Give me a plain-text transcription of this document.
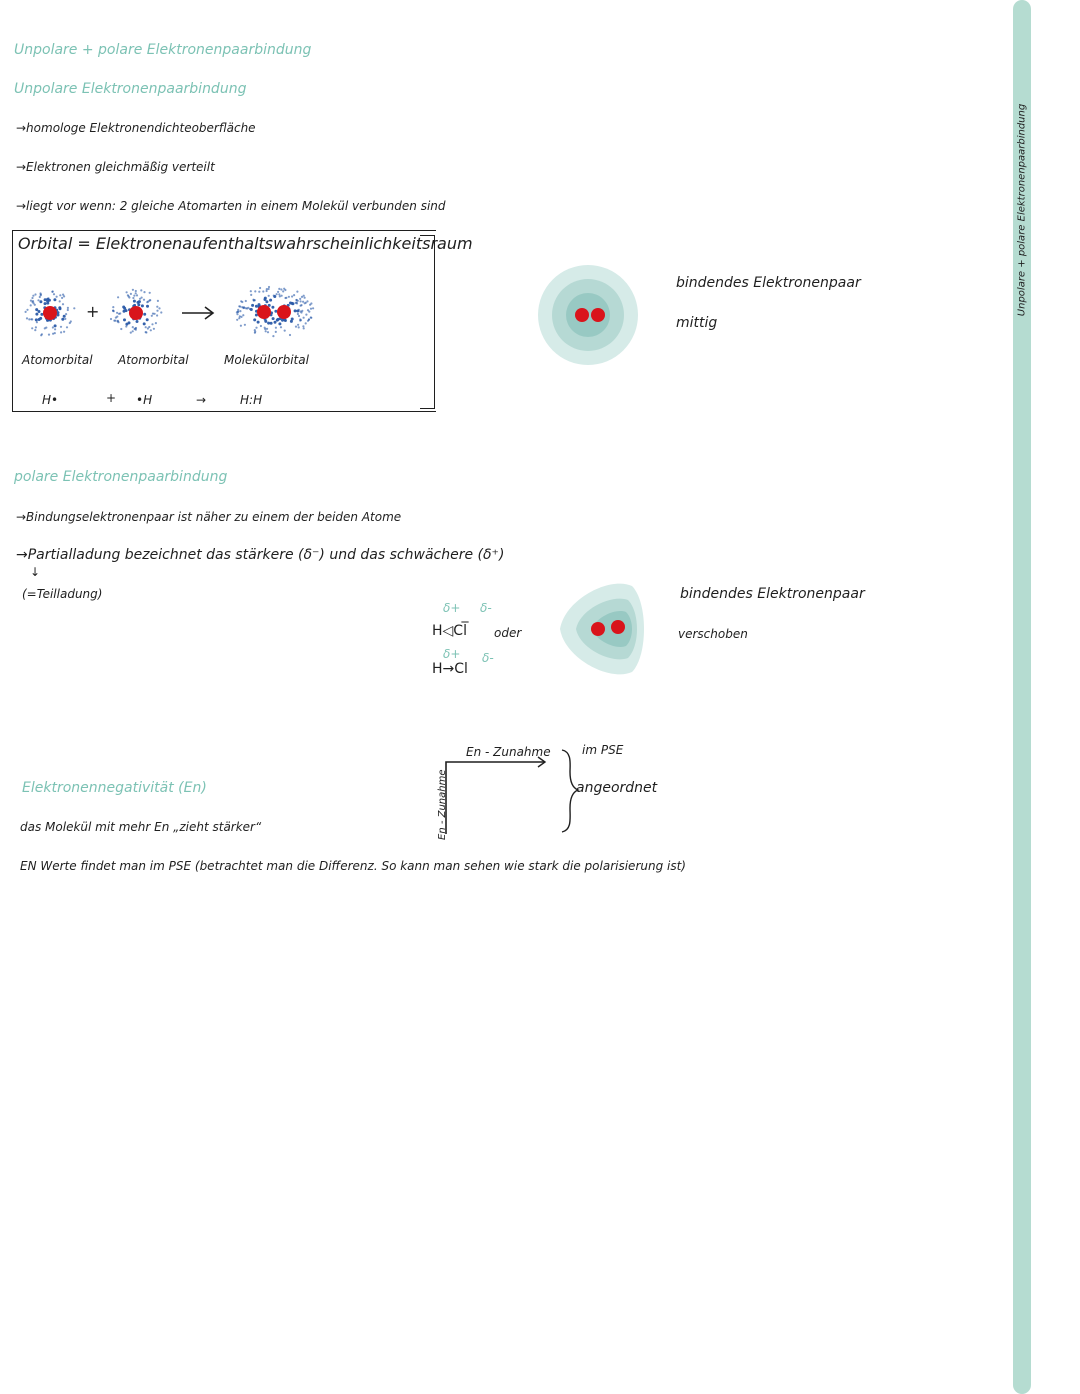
Unpolare + polare Elektronenpaarbindung
Unpolare Elektronenpaarbindung
→homologe Elektronendichteoberfläche
→Elektronen gleichmäßig verteilt
→liegt vor wenn: 2 gleiche Atomarten in einem Molekül verbunden sind
Orbital = Elektronenaufenthaltswahrscheinlichkeitsraum
+
Atomorbital Atomorbital	Molekülorbital
H•	+ •H	→	H:H
bindendes Elektronenpaar
mittig
polare Elektronenpaarbindung
→Bindungselektronenpaar ist näher zu einem der beiden Atome
→Partialladung bezeichnet das stärkere (δ⁻) und das schwächere (δ⁺)
↓
(=Teilladung)
δ+ δ-
H◁Cl̅ oder
δ+ δ-
H→Cl
bindendes Elektronenpaar
verschoben
En - Zunahme
En - Zunahme
im PSE
angeordnet
Elektronennegativität (En)
das Molekül mit mehr En „zieht stärker“
EN Werte findet man im PSE (betrachtet man die Differenz. So kann man sehen wie stark die polarisierung ist)
Unpolare + polare Elektronenpaarbindung
